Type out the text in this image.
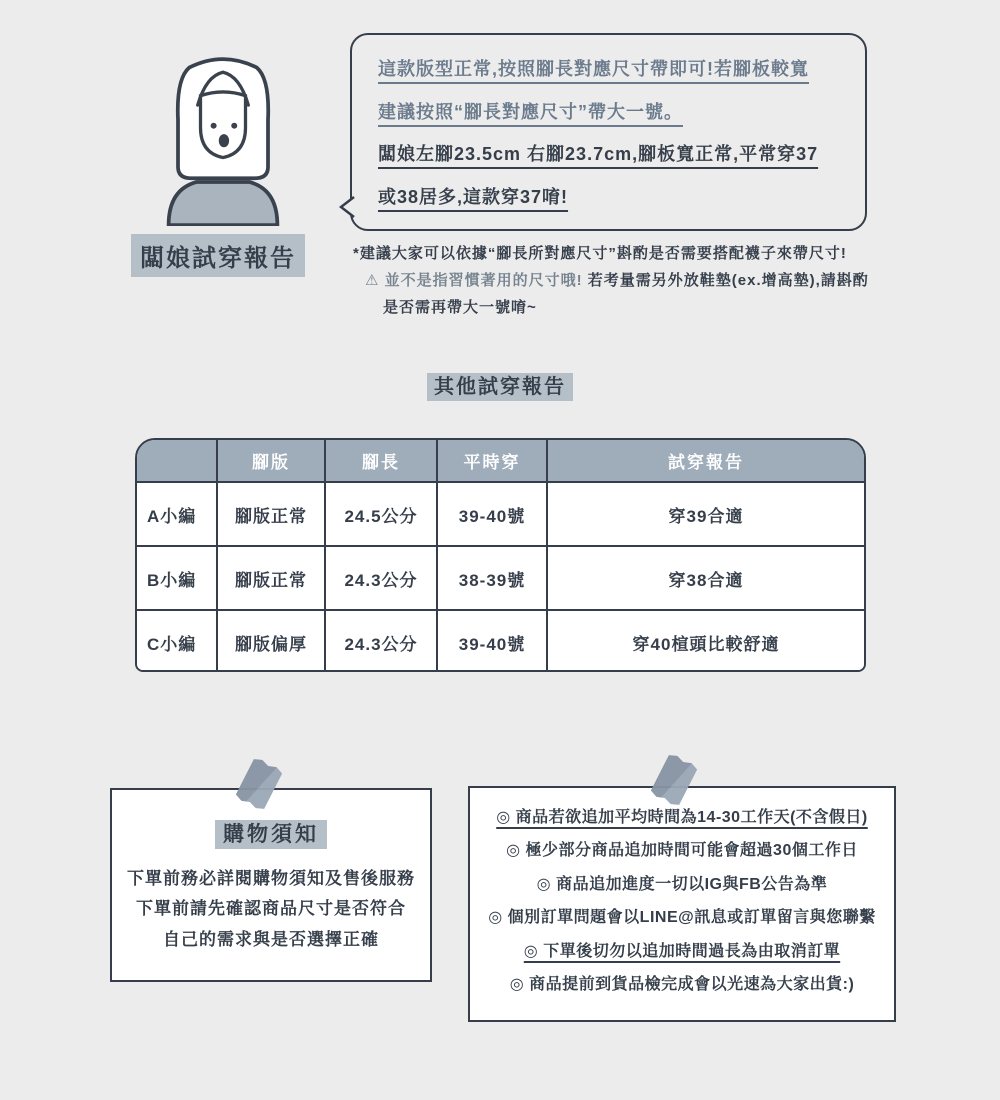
闆娘試穿報告
這款版型正常,按照腳長對應尺寸帶即可!若腳板較寬
建議按照“腳長對應尺寸”帶大一號。
闆娘左腳23.5cm 右腳23.7cm,腳板寬正常,平常穿37
或38居多,這款穿37唷!
*建議大家可以依據“腳長所對應尺寸”斟酌是否需要搭配襪子來帶尺寸!
⚠ 並不是指習慣著用的尺寸哦! 若考量需另外放鞋墊(ex.增高墊),請斟酌
是否需再帶大一號唷~
其他試穿報告
	腳版	腳長	平時穿	試穿報告
A小編	腳版正常	24.5公分	39-40號	穿39合適
B小編	腳版正常	24.3公分	38-39號	穿38合適
C小編	腳版偏厚	24.3公分	39-40號	穿40楦頭比較舒適
購物須知
下單前務必詳閱購物須知及售後服務
下單前請先確認商品尺寸是否符合
自己的需求與是否選擇正確
◎ 商品若欲追加平均時間為14-30工作天(不含假日)
◎ 極少部分商品追加時間可能會超過30個工作日
◎ 商品追加進度一切以IG與FB公告為準
◎ 個別訂單問題會以LINE@訊息或訂單留言與您聯繫
◎ 下單後切勿以追加時間過長為由取消訂單
◎ 商品提前到貨品檢完成會以光速為大家出貨:)
